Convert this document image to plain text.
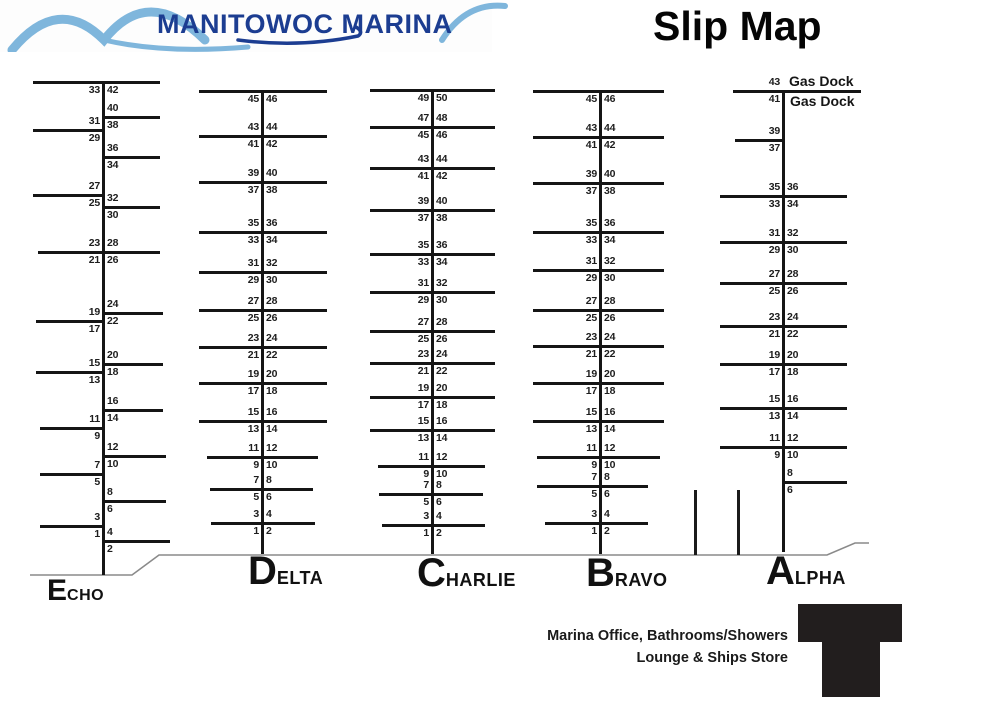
MANITOWOC MARINA	Slip Map
33 42
40
38
31
29
36
34
27
25 32
30
23 28
21 26
24
22
19
17
20
18
15
13
16
14
11
9
12
10
7
5
8
6
3
1 4
2
ECHO
45 46
43 44
41 42
39 40
37 38
35 36
33 34
31 32
29 30
27 28
25 26
23 24
21 22
19 20
17 18
15 16
13 14
11 12
9 10
7 8
5 6
3 4
1 2
DELTA
49 50
47 48
45 46
43 44
41 42
39 40
37 38
35 36
33 34
31 32
29 30
27 28
25 26
23 24
21 22
19 20
17 18
15 16
13 14
11 12
9 10
7 8
5 6
3 4
1 2
CHARLIE
45 46
43 44
41 42
39 40
37 38
35 36
33 34
31 32
29 30
27 28
25 26
23 24
21 22
19 20
17 18
15 16
13 14
11 12
9 10
7 8
5 6
3 4
1 2
BRAVO
43
41
39
37
35 36
33 34
31 32
29 30
27 28
25 26
23 24
21 22
19 20
17 18
15 16
13 14
11 12
9 10
8
6
ALPHA
Gas Dock
Gas Dock
Marina Office, Bathrooms/Showers
Lounge & Ships Store
